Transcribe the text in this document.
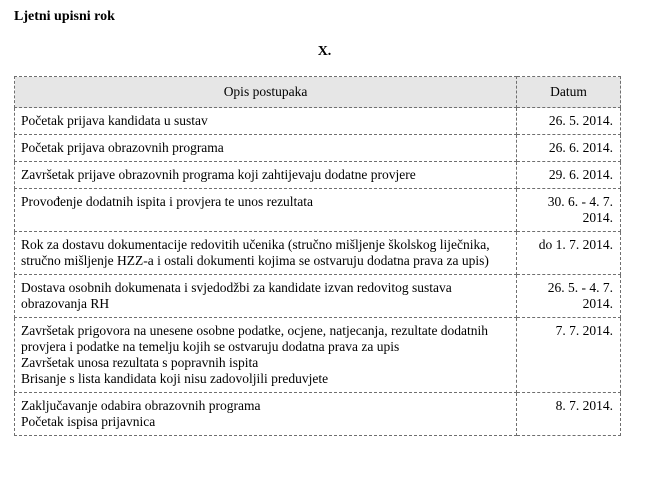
Ljetni upisni rok
X.
Opis postupaka	Datum

Početak prijava kandidata u sustav	26. 5. 2014.

Početak prijava obrazovnih programa	26. 6. 2014.

Završetak prijave obrazovnih programa koji zahtijevaju dodatne provjere	29. 6. 2014.

Provođenje dodatnih ispita i provjera te unos rezultata	30. 6. - 4. 7. 2014.

Rok za dostavu dokumentacije redovitih učenika (stručno mišljenje školskog liječnika, stručno mišljenje HZZ-a i ostali dokumenti kojima se ostvaruju dodatna prava za upis)	do 1. 7. 2014.

Dostava osobnih dokumenata i svjedodžbi za kandidate izvan redovitog sustava obrazovanja RH	26. 5. - 4. 7. 2014.

Završetak prigovora na unesene osobne podatke, ocjene, natjecanja, rezultate dodatnih provjera i podatke na temelju kojih se ostvaruju dodatna prava za upis
Završetak unosa rezultata s popravnih ispita
Brisanje s lista kandidata koji nisu zadovoljili preduvjete	7. 7. 2014.

Zaključavanje odabira obrazovnih programa
Početak ispisa prijavnica	8. 7. 2014.
